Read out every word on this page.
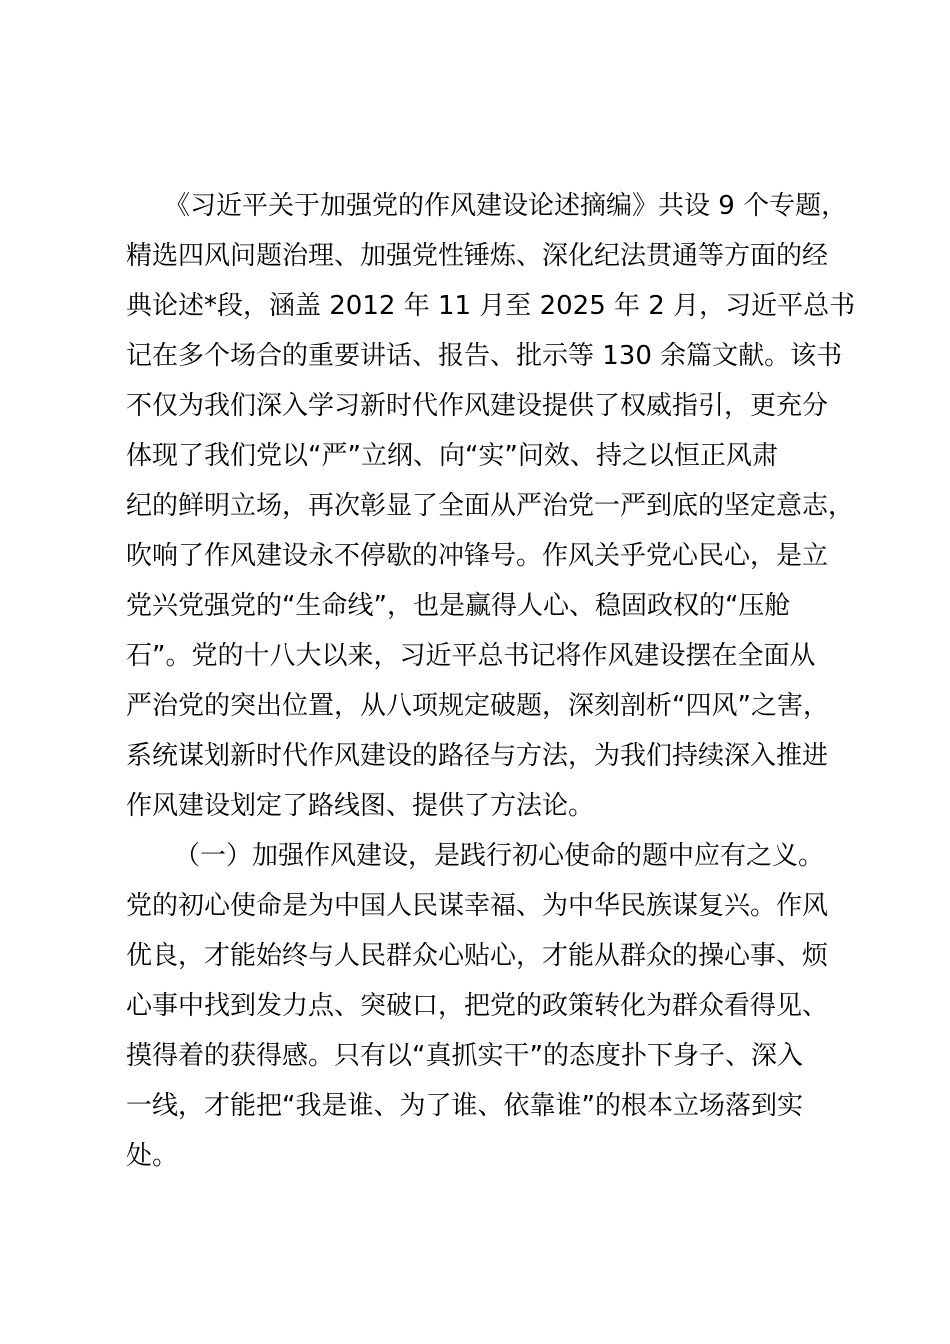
《习近平关于加强党的作风建设论述摘编》共设 9 个专题，
精选四风问题治理、加强党性锤炼、深化纪法贯通等方面的经
典论述*段，涵盖 2012 年 11 月至 2025 年 2 月，习近平总书
记在多个场合的重要讲话、报告、批示等 130 余篇文献。该书
不仅为我们深入学习新时代作风建设提供了权威指引，更充分
体现了我们党以“严”立纲、向“实”问效、持之以恒正风肃
纪的鲜明立场，再次彰显了全面从严治党一严到底的坚定意志，
吹响了作风建设永不停歇的冲锋号。作风关乎党心民心，是立
党兴党强党的“生命线”，也是赢得人心、稳固政权的“压舱
石”。党的十八大以来，习近平总书记将作风建设摆在全面从
严治党的突出位置，从八项规定破题，深刻剖析“四风”之害，
系统谋划新时代作风建设的路径与方法，为我们持续深入推进
作风建设划定了路线图、提供了方法论。
（一）加强作风建设，是践行初心使命的题中应有之义。
党的初心使命是为中国人民谋幸福、为中华民族谋复兴。作风
优良，才能始终与人民群众心贴心，才能从群众的操心事、烦
心事中找到发力点、突破口，把党的政策转化为群众看得见、
摸得着的获得感。只有以“真抓实干”的态度扑下身子、深入
一线，才能把“我是谁、为了谁、依靠谁”的根本立场落到实
处。
